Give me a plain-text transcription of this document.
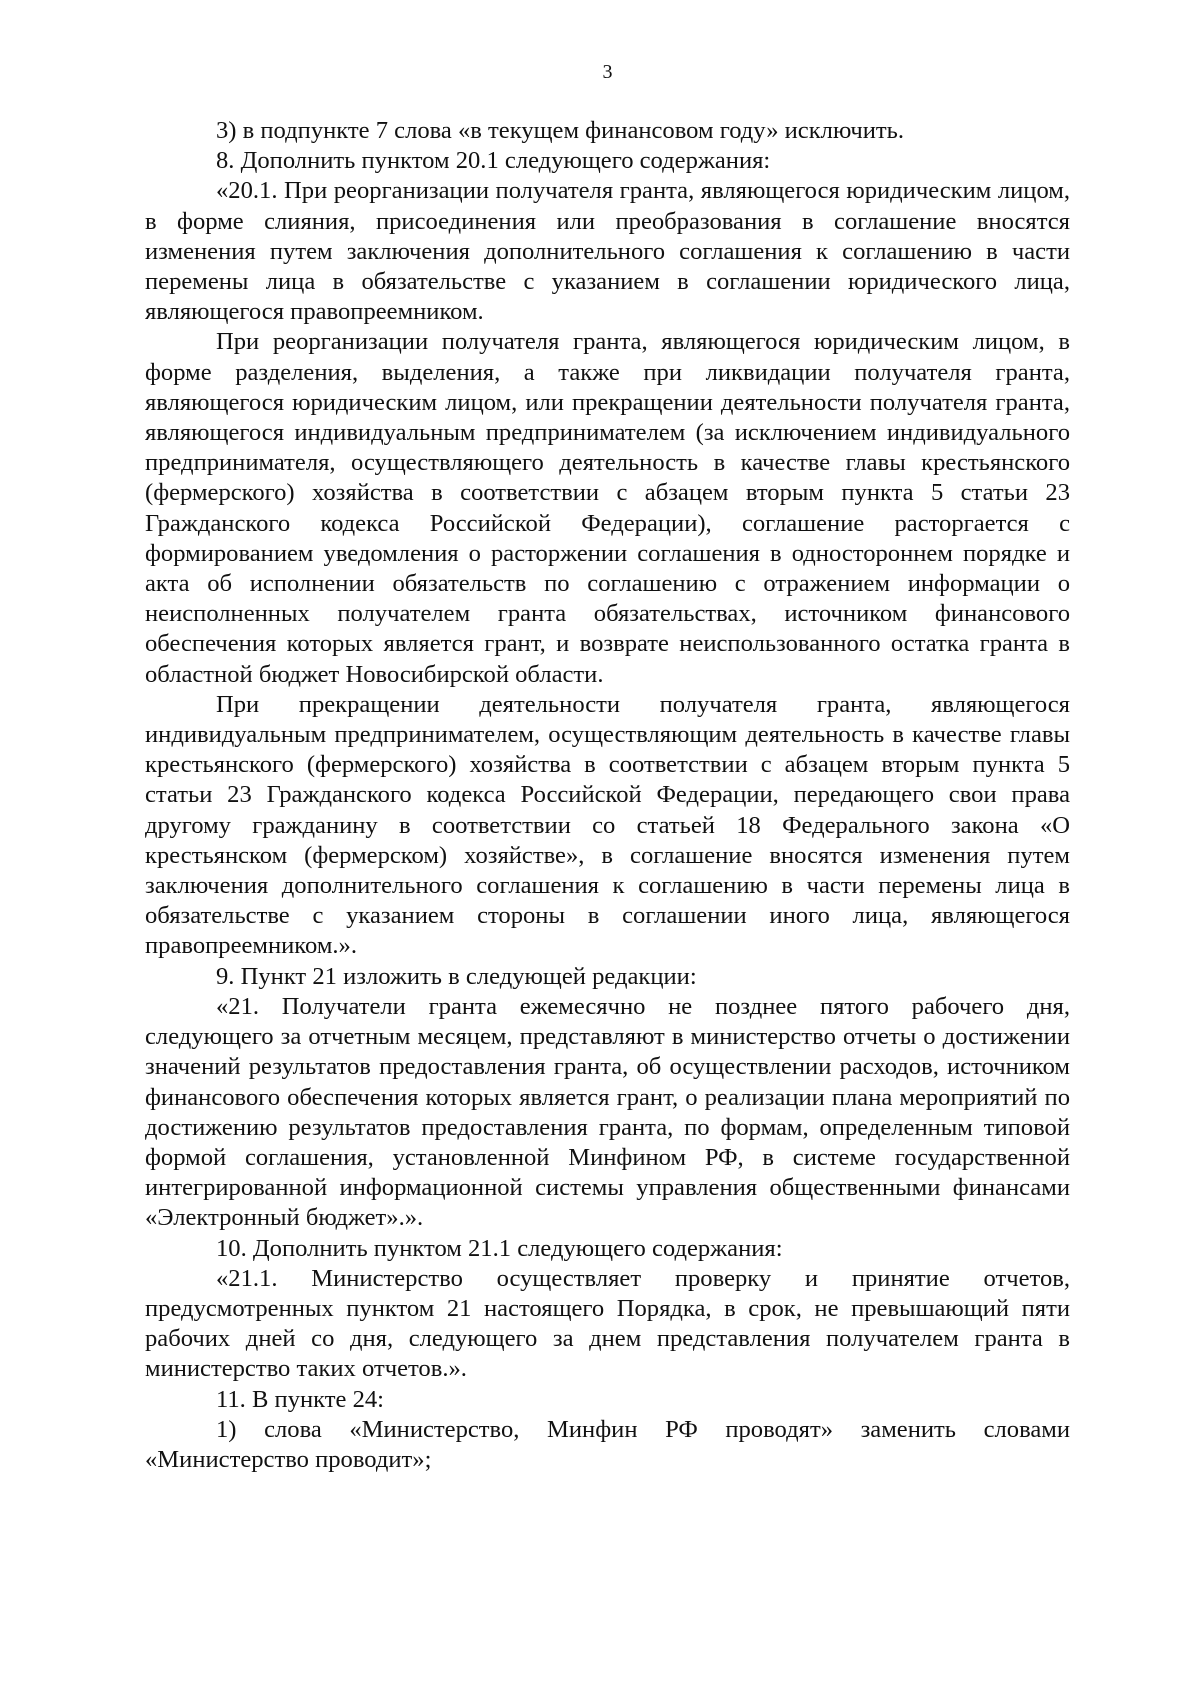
3

3) в подпункте 7 слова «в текущем финансовом году» исключить.

8. Дополнить пунктом 20.1 следующего содержания:

«20.1. При реорганизации получателя гранта, являющегося юридическим лицом, в форме слияния, присоединения или преобразования в соглашение вносятся изменения путем заключения дополнительного соглашения к соглашению в части перемены лица в обязательстве с указанием в соглашении юридического лица, являющегося правопреемником.

При реорганизации получателя гранта, являющегося юридическим лицом, в форме разделения, выделения, а также при ликвидации получателя гранта, являющегося юридическим лицом, или прекращении деятельности получателя гранта, являющегося индивидуальным предпринимателем (за исключением индивидуального предпринимателя, осуществляющего деятельность в качестве главы крестьянского (фермерского) хозяйства в соответствии с абзацем вторым пункта 5 статьи 23 Гражданского кодекса Российской Федерации), соглашение расторгается с формированием уведомления о расторжении соглашения в одностороннем порядке и акта об исполнении обязательств по соглашению с отражением информации о неисполненных получателем гранта обязательствах, источником финансового обеспечения которых является грант, и возврате неиспользованного остатка гранта в областной бюджет Новосибирской области.

При прекращении деятельности получателя гранта, являющегося индивидуальным предпринимателем, осуществляющим деятельность в качестве главы крестьянского (фермерского) хозяйства в соответствии с абзацем вторым пункта 5 статьи 23 Гражданского кодекса Российской Федерации, передающего свои права другому гражданину в соответствии со статьей 18 Федерального закона «О крестьянском (фермерском) хозяйстве», в соглашение вносятся изменения путем заключения дополнительного соглашения к соглашению в части перемены лица в обязательстве с указанием стороны в соглашении иного лица, являющегося правопреемником.».

9. Пункт 21 изложить в следующей редакции:

«21. Получатели гранта ежемесячно не позднее пятого рабочего дня, следующего за отчетным месяцем, представляют в министерство отчеты о достижении значений результатов предоставления гранта, об осуществлении расходов, источником финансового обеспечения которых является грант, о реализации плана мероприятий по достижению результатов предоставления гранта, по формам, определенным типовой формой соглашения, установленной Минфином РФ, в системе государственной интегрированной информационной системы управления общественными финансами «Электронный бюджет».».

10. Дополнить пунктом 21.1 следующего содержания:

«21.1. Министерство осуществляет проверку и принятие отчетов, предусмотренных пунктом 21 настоящего Порядка, в срок, не превышающий пяти рабочих дней со дня, следующего за днем представления получателем гранта в министерство таких отчетов.».

11. В пункте 24:

1) слова «Министерство, Минфин РФ проводят» заменить словами «Министерство проводит»;
